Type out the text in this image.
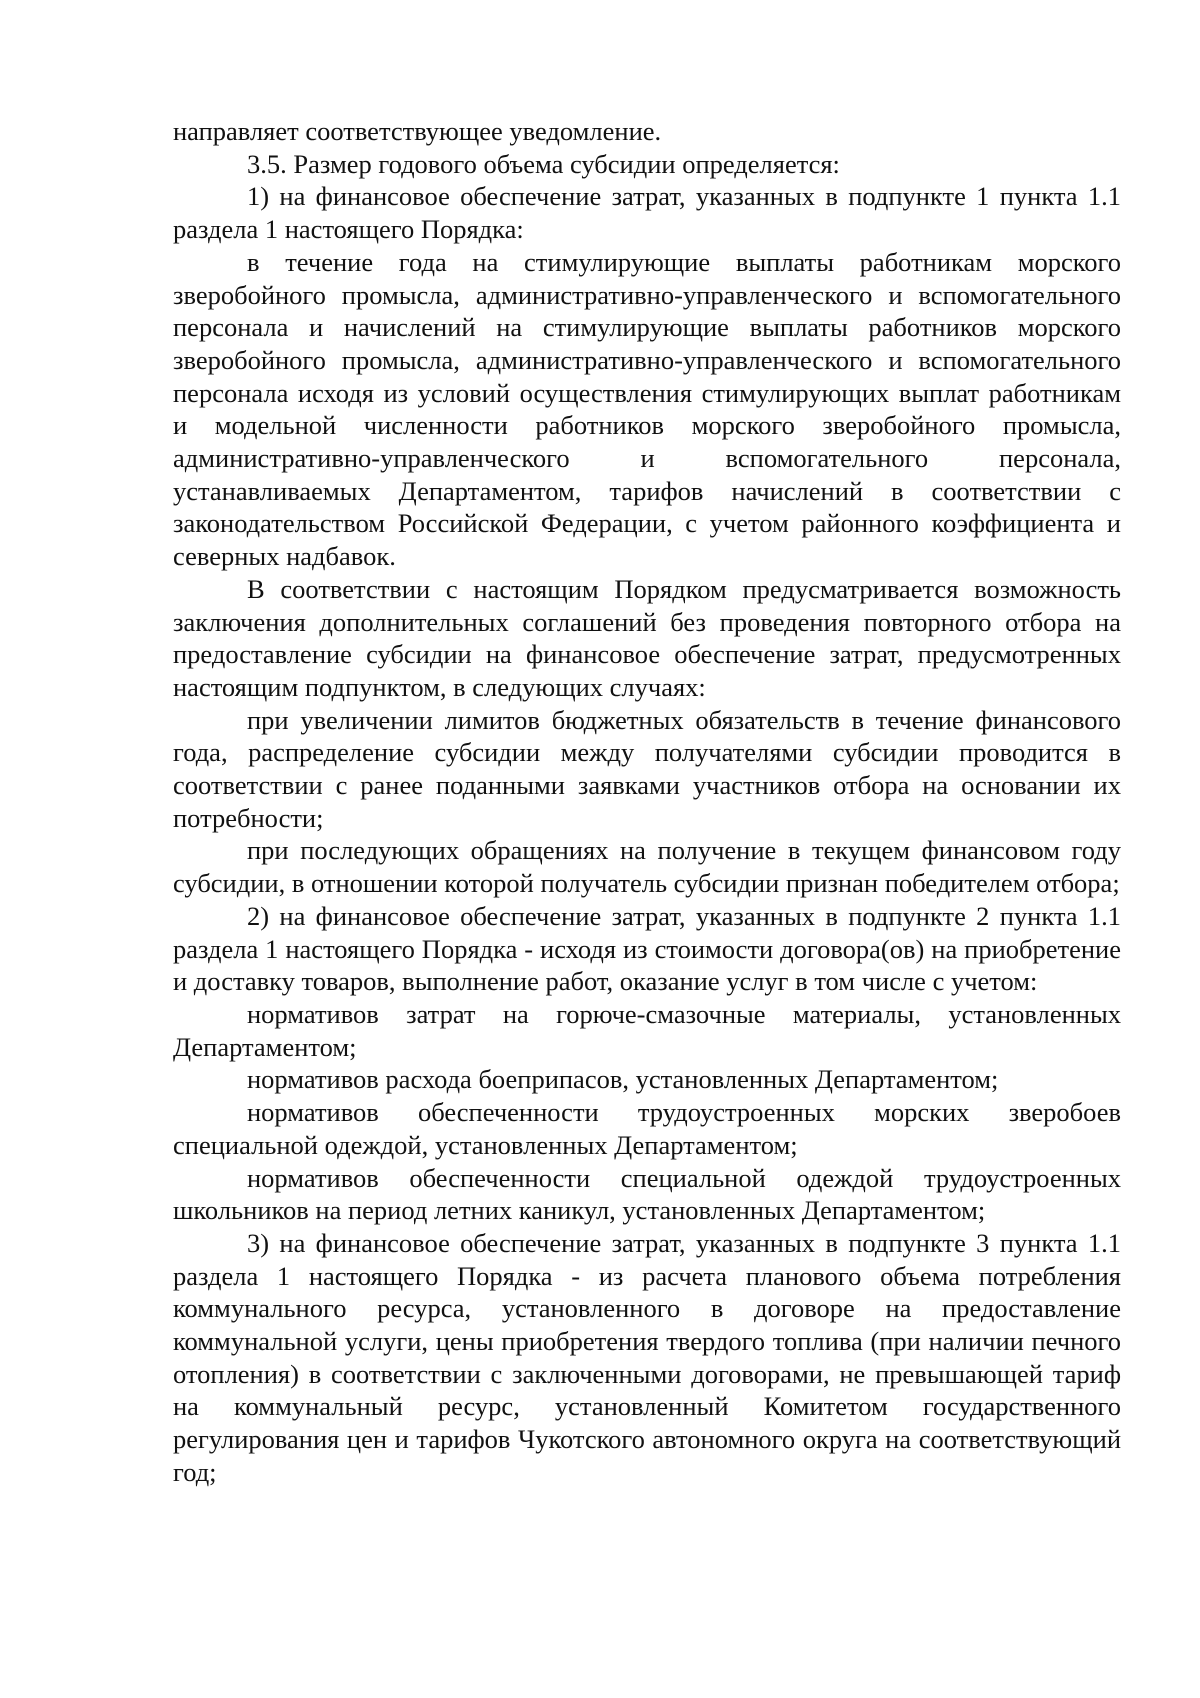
направляет соответствующее уведомление.

3.5. Размер годового объема субсидии определяется:

1) на финансовое обеспечение затрат, указанных в подпункте 1 пункта 1.1 раздела 1 настоящего Порядка:

в течение года на стимулирующие выплаты работникам морского зверобойного промысла, административно-управленческого и вспомогательного персонала и начислений на стимулирующие выплаты работников морского зверобойного промысла, административно-управленческого и вспомогательного персонала исходя из условий осуществления стимулирующих выплат работникам и модельной численности работников морского зверобойного промысла, административно-управленческого и вспомогательного персонала, устанавливаемых Департаментом, тарифов начислений в соответствии с законодательством Российской Федерации, с учетом районного коэффициента и северных надбавок.

В соответствии с настоящим Порядком предусматривается возможность заключения дополнительных соглашений без проведения повторного отбора на предоставление субсидии на финансовое обеспечение затрат, предусмотренных настоящим подпунктом, в следующих случаях:

при увеличении лимитов бюджетных обязательств в течение финансового года, распределение субсидии между получателями субсидии проводится в соответствии с ранее поданными заявками участников отбора на основании их потребности;

при последующих обращениях на получение в текущем финансовом году субсидии, в отношении которой получатель субсидии признан победителем отбора;

2) на финансовое обеспечение затрат, указанных в подпункте 2 пункта 1.1 раздела 1 настоящего Порядка - исходя из стоимости договора(ов) на приобретение и доставку товаров, выполнение работ, оказание услуг в том числе с учетом:

нормативов затрат на горюче-смазочные материалы, установленных Департаментом;

нормативов расхода боеприпасов, установленных Департаментом;

нормативов обеспеченности трудоустроенных морских зверобоев специальной одеждой, установленных Департаментом;

нормативов обеспеченности специальной одеждой трудоустроенных школьников на период летних каникул, установленных Департаментом;

3) на финансовое обеспечение затрат, указанных в подпункте 3 пункта 1.1 раздела 1 настоящего Порядка - из расчета планового объема потребления коммунального ресурса, установленного в договоре на предоставление коммунальной услуги, цены приобретения твердого топлива (при наличии печного отопления) в соответствии с заключенными договорами, не превышающей тариф на коммунальный ресурс, установленный Комитетом государственного регулирования цен и тарифов Чукотского автономного округа на соответствующий год;
